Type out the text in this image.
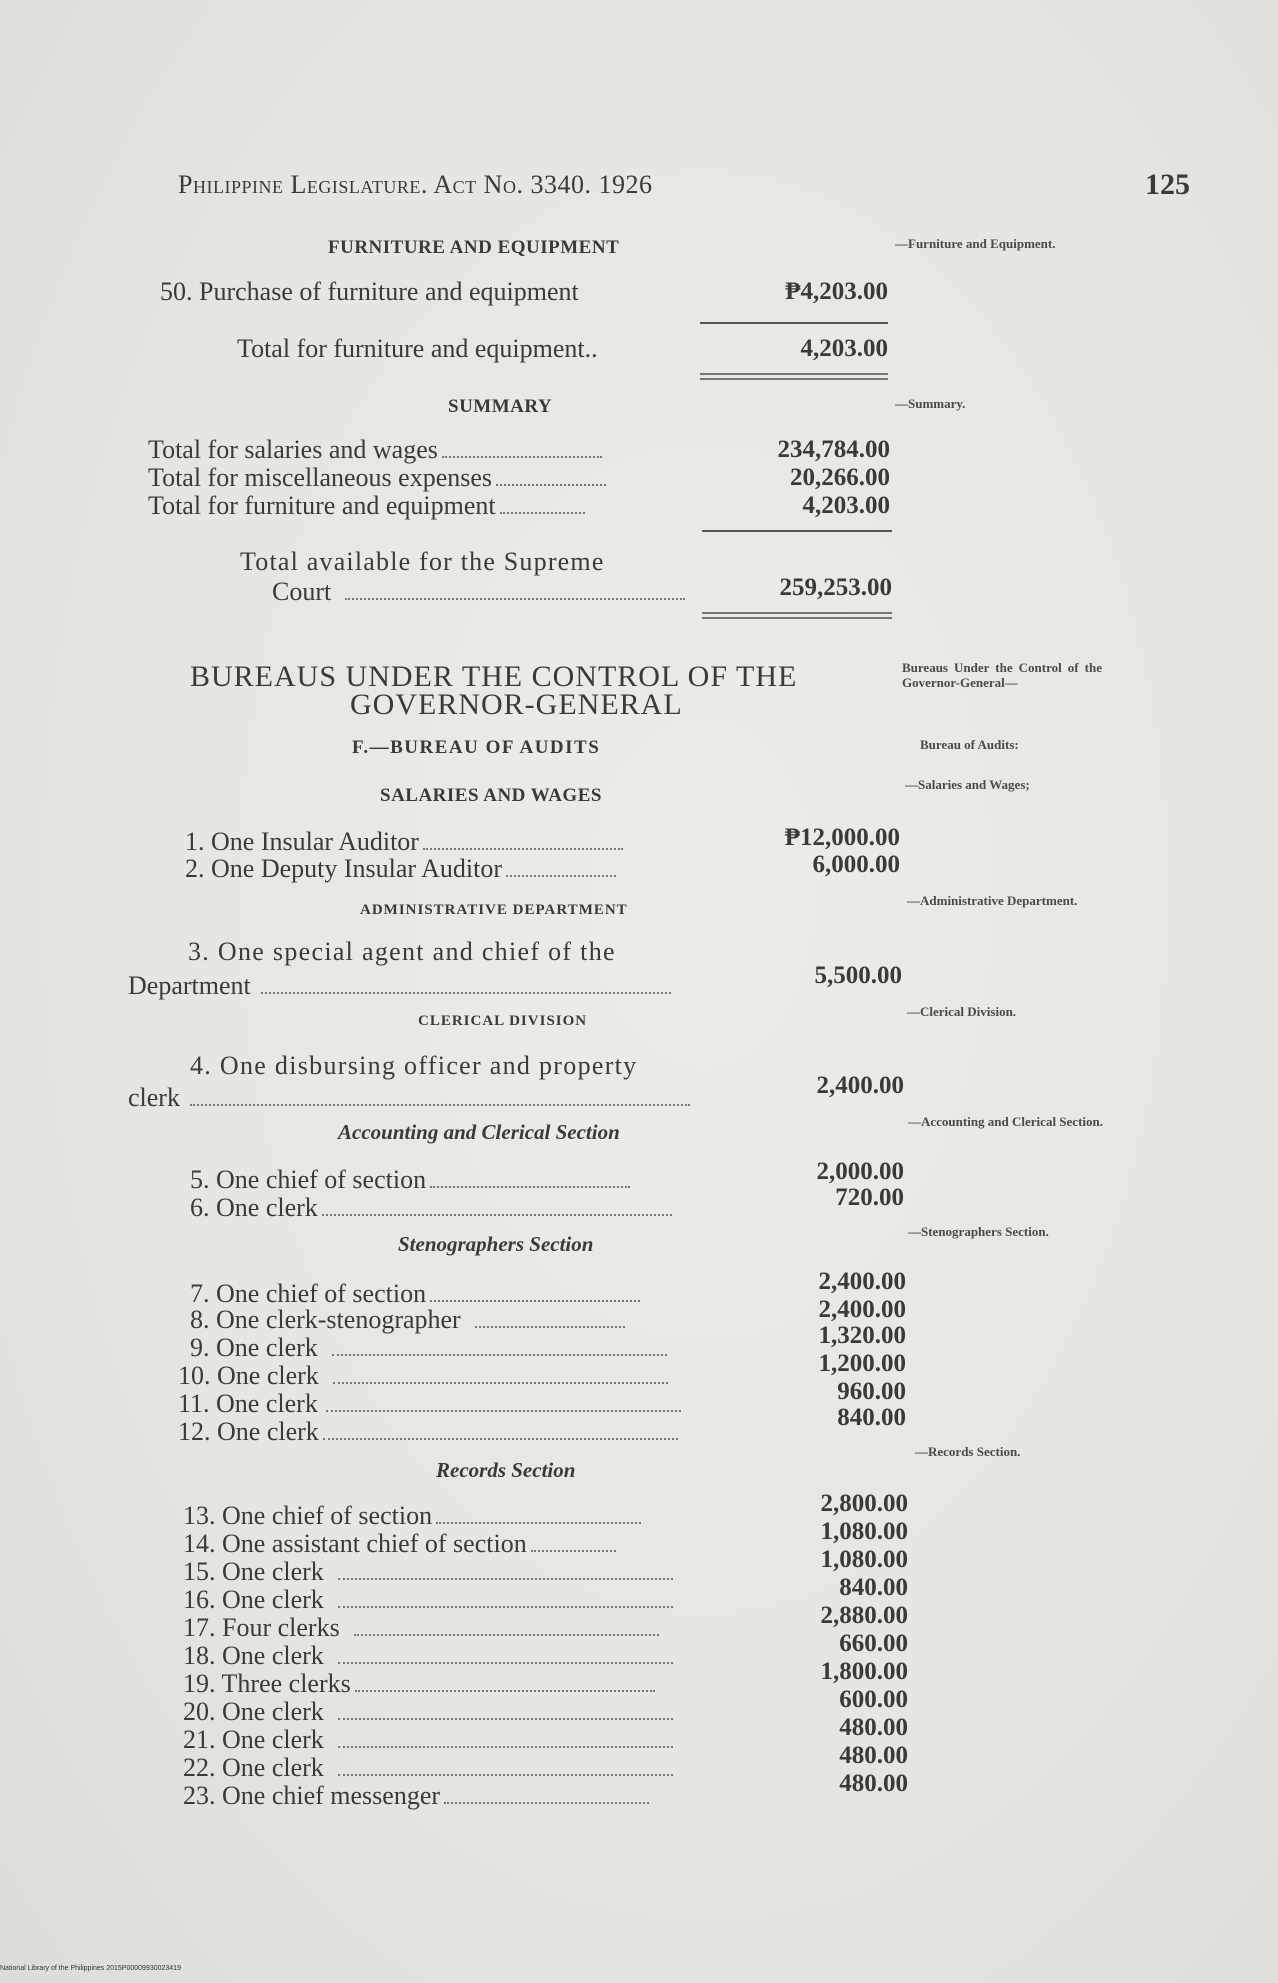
Philippine Legislature. Act No. 3340. 1926	125
FURNITURE AND EQUIPMENT	—Furniture and Equipment.
50. Purchase of furniture and equipment	₱4,203.00
Total for furniture and equipment..	4,203.00
SUMMARY	—Summary.
Total for salaries and wages	234,784.00
Total for miscellaneous expenses	20,266.00
Total for furniture and equipment	4,203.00
Total available for the Supreme
Court	259,253.00
BUREAUS UNDER THE CONTROL OF THE
GOVERNOR-GENERAL
Bureaus Under the Control of the Governor-General—
F.—BUREAU OF AUDITS	Bureau of Audits:
SALARIES AND WAGES
—Salaries and Wages;
1. One Insular Auditor	₱12,000.00
2. One Deputy Insular Auditor	6,000.00
ADMINISTRATIVE DEPARTMENT
—Administrative Department.
3. One special agent and chief of the
Department	5,500.00
CLERICAL DIVISION
—Clerical Division.
4. One disbursing officer and property
clerk	2,400.00
Accounting and Clerical Section	—Accounting and Clerical Section.
5. One chief of section	2,000.00
6. One clerk	720.00
Stenographers Section
—Stenographers Section.
7. One chief of section	2,400.00
8. One clerk-stenographer	2,400.00
9. One clerk	1,320.00
10. One clerk	1,200.00
11. One clerk	960.00
12. One clerk	840.00
—Records Section.
Records Section
13. One chief of section	2,800.00
14. One assistant chief of section	1,080.00
15. One clerk	1,080.00
16. One clerk	840.00
17. Four clerks	2,880.00
18. One clerk	660.00
19. Three clerks	1,800.00
20. One clerk	600.00
21. One clerk	480.00
22. One clerk	480.00
23. One chief messenger	480.00
National Library of the Philippines 2015P00009930023419
